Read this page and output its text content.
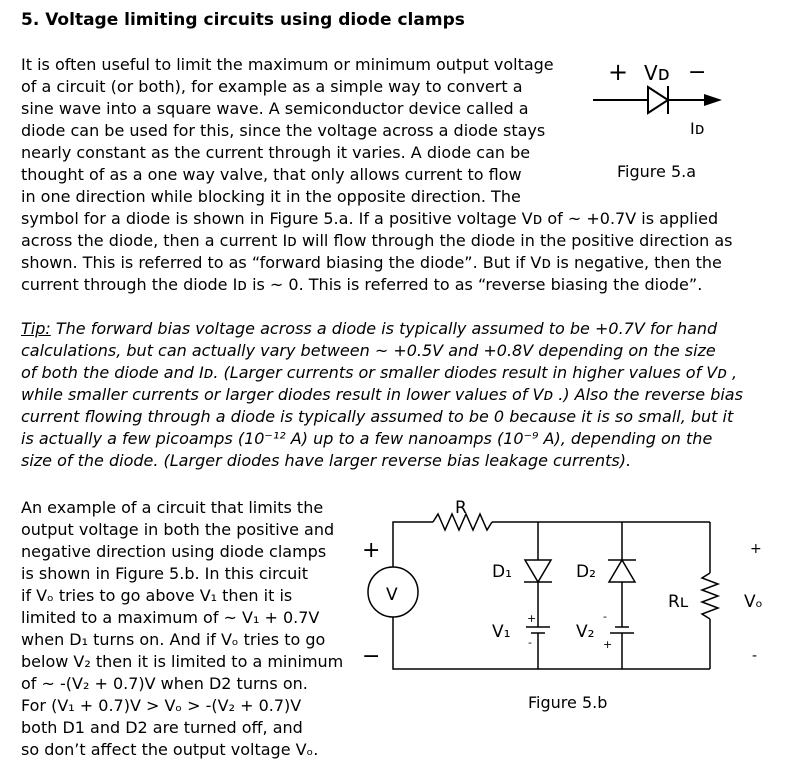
5. Voltage limiting circuits using diode clamps
It is often useful to limit the maximum or minimum output voltage
of a circuit (or both), for example as a simple way to convert a
sine wave into a square wave. A semiconductor device called a
diode can be used for this, since the voltage across a diode stays
nearly constant as the current through it varies. A diode can be
thought of as a one way valve, that only allows current to flow
in one direction while blocking it in the opposite direction. The
symbol for a diode is shown in Figure 5.a. If a positive voltage Vᴅ of ~ +0.7V is applied
across the diode, then a current Iᴅ will flow through the diode in the positive direction as
shown. This is referred to as “forward biasing the diode”. But if Vᴅ is negative, then the
current through the diode Iᴅ is ~ 0. This is referred to as “reverse biasing the diode”.
Tip: The forward bias voltage across a diode is typically assumed to be +0.7V for hand
calculations, but can actually vary between ~ +0.5V and +0.8V depending on the size
of both the diode and Iᴅ. (Larger currents or smaller diodes result in higher values of Vᴅ ,
while smaller currents or larger diodes result in lower values of Vᴅ .) Also the reverse bias
current flowing through a diode is typically assumed to be 0 because it is so small, but it
is actually a few picoamps (10⁻¹² A) up to a few nanoamps (10⁻⁹ A), depending on the
size of the diode. (Larger diodes have larger reverse bias leakage currents).
An example of a circuit that limits the
output voltage in both the positive and
negative direction using diode clamps
is shown in Figure 5.b. In this circuit
if Vₒ tries to go above V₁ then it is
limited to a maximum of ~ V₁ + 0.7V
when D₁ turns on. And if Vₒ tries to go
below V₂ then it is limited to a minimum
of ~ -(V₂ + 0.7)V when D2 turns on.
For (V₁ + 0.7)V > Vₒ > -(V₂ + 0.7)V
both D1 and D2 are turned off, and
so don’t affect the output voltage Vₒ.
+ Vᴅ −
Iᴅ
Figure 5.a
R
V
+
−
D₁
V₁
+
-
D₂
V₂
-
+
Rʟ
+
Vₒ
-
Figure 5.b
